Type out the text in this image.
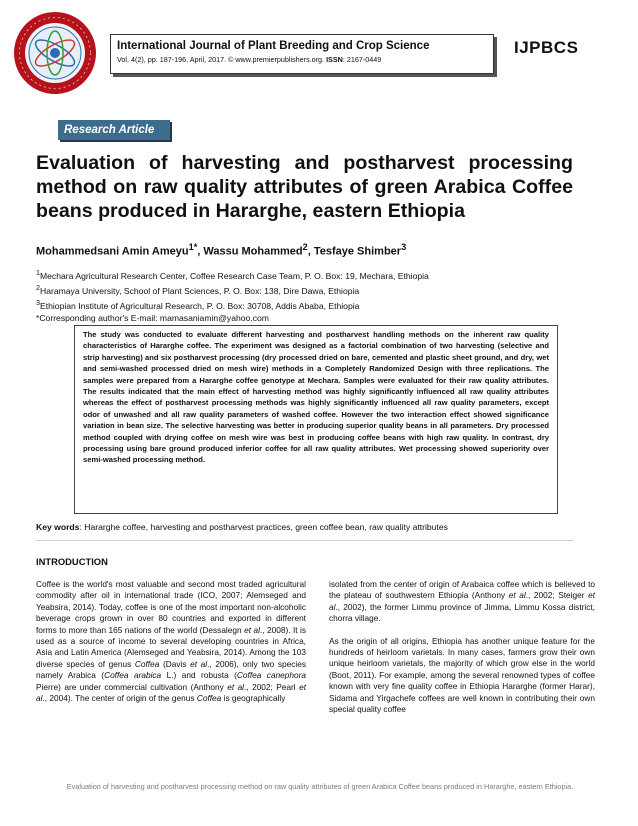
International Journal of Plant Breeding and Crop Science
Vol. 4(2), pp. 187-196, April, 2017. © www.premierpublishers.org. ISSN: 2167-0449
IJPBCS
Research Article
Evaluation of harvesting and postharvest processing method on raw quality attributes of green Arabica Coffee beans produced in Hararghe, eastern Ethiopia
Mohammedsani Amin Ameyu$^{1*}$, Wassu Mohammed$^2$, Tesfaye Shimber$^3$
$^1$Mechara Agricultural Research Center, Coffee Research Case Team, P. O. Box: 19, Mechara, Ethiopia
$^2$Haramaya University, School of Plant Sciences, P. O. Box: 138, Dire Dawa, Ethiopia
$^3$Ethiopian Institute of Agricultural Research, P. O. Box: 30708, Addis Ababa, Ethiopia
*Corresponding author's E-mail: mamasaniamin@yahoo.com
The study was conducted to evaluate different harvesting and postharvest handling methods on the inherent raw quality characteristics of Hararghe coffee. The experiment was designed as a factorial combination of two harvesting (selective and strip harvesting) and six postharvest processing (dry processed dried on bare, cemented and plastic sheet ground, and dry, wet and semi-washed processed dried on mesh wire) methods in a Completely Randomized Design with three replications. The samples were prepared from a Hararghe coffee genotype at Mechara. Samples were evaluated for their raw quality attributes. The results indicated that the main effect of harvesting method was highly significantly influenced all raw quality attributes whereas the effect of postharvest processing methods was highly significantly influenced all raw quality parameters, except odor of unwashed and all raw quality parameters of washed coffee. However the two interaction effect showed significance variation in bean size. The selective harvesting was better in producing superior quality beans in all parameters. Dry processed method coupled with drying coffee on mesh wire was best in producing coffee beans with high raw quality. In contrast, dry processing using bare ground produced inferior coffee for all raw quality attributes. Wet processing showed superiority over semi-washed processing method.
Key words: Hararghe coffee, harvesting and postharvest practices, green coffee bean, raw quality attributes
INTRODUCTION

Coffee is the world's most valuable and second most traded agricultural commodity after oil in international trade (ICO, 2007; Alemseged and Yeabsira, 2014). Today, coffee is one of the most important non-alcoholic beverage crops grown in over 80 countries and exported in different forms to more than 165 nations of the world (Dessalegn et al., 2008). It is used as a source of income to several developing countries in Africa, Asia and Latin America (Alemseged and Yeabsira, 2014). Among the 103 diverse species of genus Coffea (Davis et al., 2006), only two species namely Arabica (Coffea arabica L.) and robusta (Coffea canephora Pierre) are under commercial cultivation (Anthony et al., 2002; Pearl et al., 2004). The center of origin of the genus Coffea is geographically

isolated from the center of origin of Arabaica coffee which is believed to the plateau of southwestern Ethiopia (Anthony et al., 2002; Steiger et al., 2002), the former Limmu province of Jimma, Limmu Kossa district, chorra village.

As the origin of all origins, Ethiopia has another unique feature for the hundreds of heirloom varietals. In many cases, farmers grow their own unique heirloom varietals, the majority of which grow else in the world (Boot, 2011). For example, among the several renowned types of coffee known with very fine quality coffee in Ethiopia Hararghe (former Harar), Sidama and Yirgachefe coffees are well known in contributing their own special quality coffee

Evaluation of harvesting and postharvest processing method on raw quality attributes of green Arabica Coffee beans produced in Hararghe, eastern Ethiopia.
